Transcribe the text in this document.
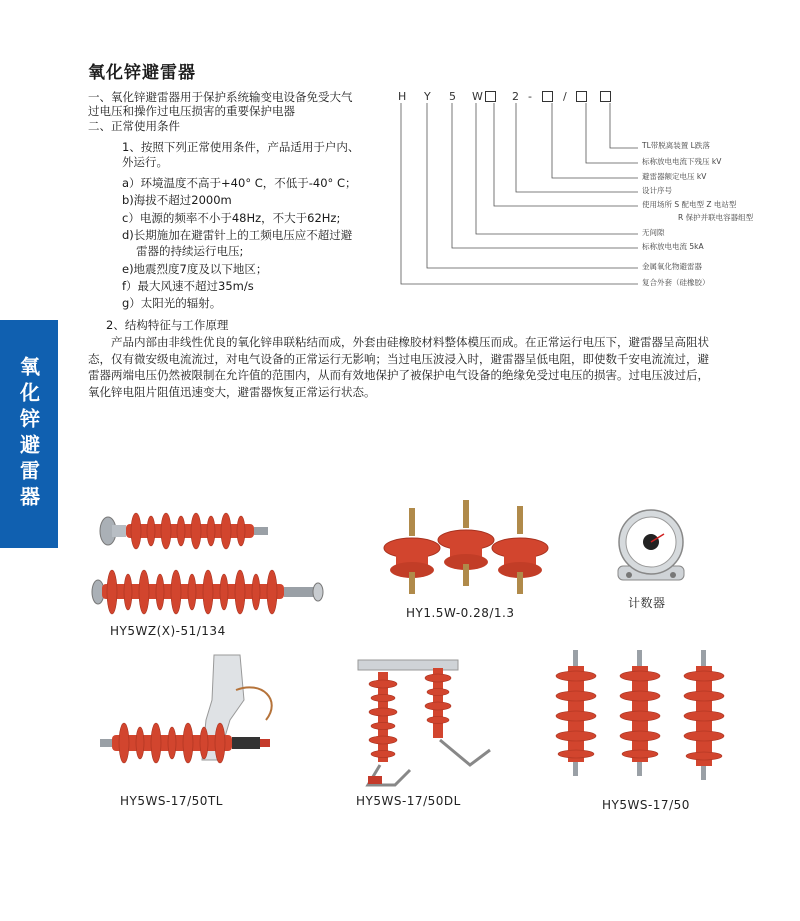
氧化锌避雷器
一、氧化锌避雷器用于保护系统输变电设备免受大气
过电压和操作过电压损害的重要保护电器
二、正常使用条件
1、按照下列正常使用条件，产品适用于户内、
外运行。
a）环境温度不高于+40° C，不低于-40° C；
b)海拔不超过2000m
c）电源的频率不小于48Hz，不大于62Hz;
d)长期施加在避雷针上的工频电压应不超过避
雷器的持续运行电压;
e)地震烈度7度及以下地区；
f）最大风速不超过35m/s
g）太阳光的辐射。
2、结构特征与工作原理
产品内部由非线性优良的氧化锌串联粘结而成，外套由硅橡胶材料整体模压而成。在正常运行电压下，避雷器呈高阻状态，仅有微安级电流流过，对电气设备的正常运行无影响；当过电压波浸入时，避雷器呈低电阻，即使数千安电流流过，避雷器两端电压仍然被限制在允许值的范围内，从而有效地保护了被保护电气设备的绝缘免受过电压的损害。过电压波过后，氧化锌电阻片阻值迅速变大，避雷器恢复正常运行状态。
氧化锌避雷器
H Y 5 W	2 -	/
TL带脱离装置 L跌落
标称放电电流下残压 kV
避雷器额定电压 kV
设计序号
使用场所 S 配电型 Z 电站型
R 保护并联电容器组型
无间隙
标称放电电流 5kA
金属氧化物避雷器
复合外套（硅橡胶）
HY5WZ(X)-51/134
HY1.5W-0.28/1.3
计数器
HY5WS-17/50TL	HY5WS-17/50DL	HY5WS-17/50
